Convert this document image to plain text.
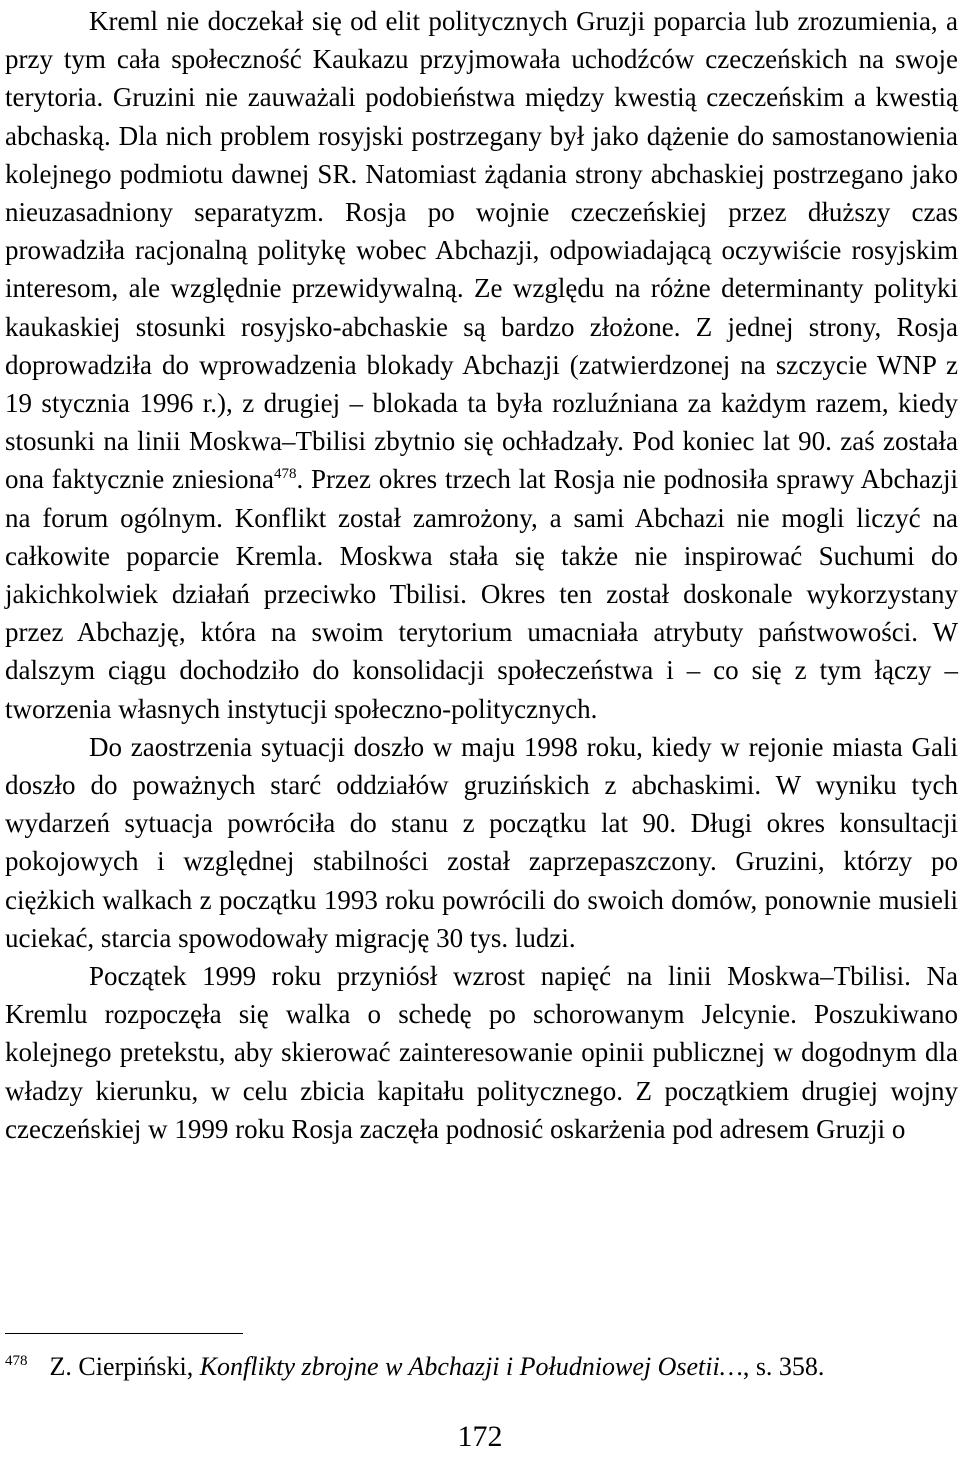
Kreml nie doczekał się od elit politycznych Gruzji poparcia lub zrozumienia, a przy tym cała społeczność Kaukazu przyjmowała uchodźców czeczeńskich na swoje terytoria. Gruzini nie zauważali podobieństwa między kwestią czeczeńskim a kwestią abchaską. Dla nich problem rosyjski postrzegany był jako dążenie do samostanowienia kolejnego podmiotu dawnej SR. Natomiast żądania strony abchaskiej postrzegano jako nieuzasadniony separatyzm. Rosja po wojnie czeczeńskiej przez dłuższy czas prowadziła racjonalną politykę wobec Abchazji, odpowiadającą oczywiście rosyjskim interesom, ale względnie przewidywalną. Ze względu na różne determinanty polityki kaukaskiej stosunki rosyjsko-abchaskie są bardzo złożone. Z jednej strony, Rosja doprowadziła do wprowadzenia blokady Abchazji (zatwierdzonej na szczycie WNP z 19 stycznia 1996 r.), z drugiej – blokada ta była rozluźniana za każdym razem, kiedy stosunki na linii Moskwa–Tbilisi zbytnio się ochładzały. Pod koniec lat 90. zaś została ona faktycznie zniesiona$^{478}$. Przez okres trzech lat Rosja nie podnosiła sprawy Abchazji na forum ogólnym. Konflikt został zamrożony, a sami Abchazi nie mogli liczyć na całkowite poparcie Kremla. Moskwa stała się także nie inspirować Suchumi do jakichkolwiek działań przeciwko Tbilisi. Okres ten został doskonale wykorzystany przez Abchazję, która na swoim terytorium umacniała atrybuty państwowości. W dalszym ciągu dochodziło do konsolidacji społeczeństwa i – co się z tym łączy – tworzenia własnych instytucji społeczno-politycznych.

Do zaostrzenia sytuacji doszło w maju 1998 roku, kiedy w rejonie miasta Gali doszło do poważnych starć oddziałów gruzińskich z abchaskimi. W wyniku tych wydarzeń sytuacja powróciła do stanu z początku lat 90. Długi okres konsultacji pokojowych i względnej stabilności został zaprzepaszczony. Gruzini, którzy po ciężkich walkach z początku 1993 roku powrócili do swoich domów, ponownie musieli uciekać, starcia spowodowały migrację 30 tys. ludzi.

Początek 1999 roku przyniósł wzrost napięć na linii Moskwa–Tbilisi. Na Kremlu rozpoczęła się walka o schedę po schorowanym Jelcynie. Poszukiwano kolejnego pretekstu, aby skierować zainteresowanie opinii publicznej w dogodnym dla władzy kierunku, w celu zbicia kapitału politycznego. Z początkiem drugiej wojny czeczeńskiej w 1999 roku Rosja zaczęła podnosić oskarżenia pod adresem Gruzji o

$^{478}$ Z. Cierpiński, Konflikty zbrojne w Abchazji i Południowej Osetii…, s. 358.
172
